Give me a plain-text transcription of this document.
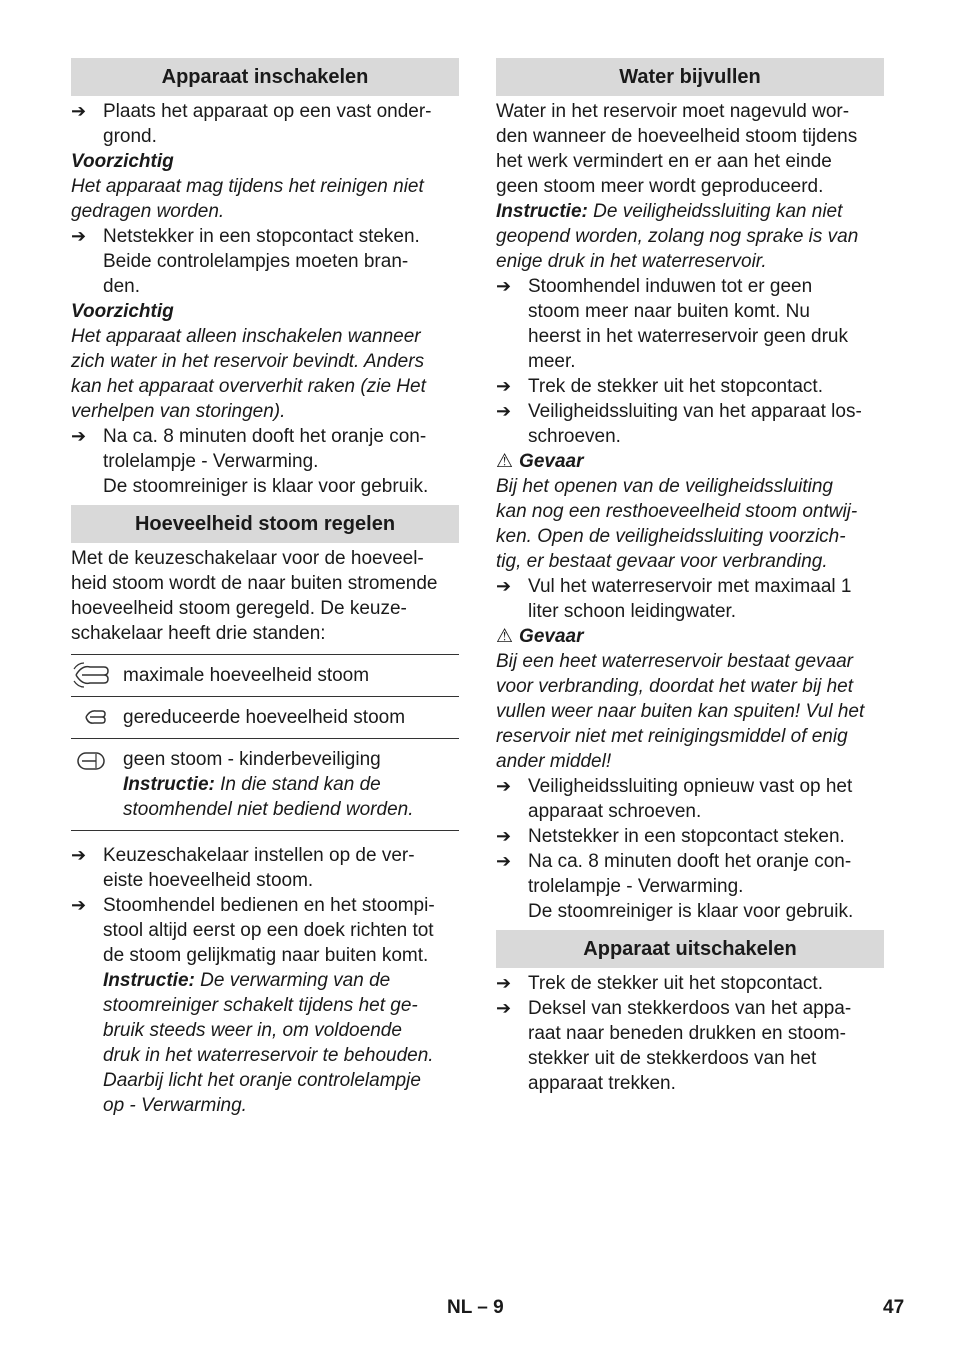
Apparaat inschakelen
➔ Plaats het apparaat op een vast onder-
grond.
Voorzichtig
Het apparaat mag tijdens het reinigen niet
gedragen worden.
➔ Netstekker in een stopcontact steken.
Beide controlelampjes moeten bran-
den.
Voorzichtig
Het apparaat alleen inschakelen wanneer
zich water in het reservoir bevindt. Anders
kan het apparaat oververhit raken (zie Het
verhelpen van storingen).
➔ Na ca. 8 minuten dooft het oranje con-
trolelampje - Verwarming.
De stoomreiniger is klaar voor gebruik.
Hoeveelheid stoom regelen
Met de keuzeschakelaar voor de hoeveel-
heid stoom wordt de naar buiten stromende
hoeveelheid stoom geregeld. De keuze-
schakelaar heeft drie standen:
maximale hoeveelheid stoom
gereduceerde hoeveelheid stoom
geen stoom - kinderbeveiliging
Instructie: In die stand kan de
stoomhendel niet bediend worden.
➔ Keuzeschakelaar instellen op de ver-
eiste hoeveelheid stoom.
➔ Stoomhendel bedienen en het stoompi-
stool altijd eerst op een doek richten tot
de stoom gelijkmatig naar buiten komt.
Instructie: De verwarming van de
stoomreiniger schakelt tijdens het ge-
bruik steeds weer in, om voldoende
druk in het waterreservoir te behouden.
Daarbij licht het oranje controlelampje
op - Verwarming.
Water bijvullen
Water in het reservoir moet nagevuld wor-
den wanneer de hoeveelheid stoom tijdens
het werk vermindert en er aan het einde
geen stoom meer wordt geproduceerd.
Instructie: De veiligheidssluiting kan niet
geopend worden, zolang nog sprake is van
enige druk in het waterreservoir.
➔ Stoomhendel induwen tot er geen
stoom meer naar buiten komt. Nu
heerst in het waterreservoir geen druk
meer.
➔ Trek de stekker uit het stopcontact.
➔ Veiligheidssluiting van het apparaat los-
schroeven.
⚠ Gevaar
Bij het openen van de veiligheidssluiting
kan nog een resthoeveelheid stoom ontwij-
ken. Open de veiligheidssluiting voorzich-
tig, er bestaat gevaar voor verbranding.
➔ Vul het waterreservoir met maximaal 1
liter schoon leidingwater.
⚠ Gevaar
Bij een heet waterreservoir bestaat gevaar
voor verbranding, doordat het water bij het
vullen weer naar buiten kan spuiten! Vul het
reservoir niet met reinigingsmiddel of enig
ander middel!
➔ Veiligheidssluiting opnieuw vast op het
apparaat schroeven.
➔ Netstekker in een stopcontact steken.
➔ Na ca. 8 minuten dooft het oranje con-
trolelampje - Verwarming.
De stoomreiniger is klaar voor gebruik.
Apparaat uitschakelen
➔ Trek de stekker uit het stopcontact.
➔ Deksel van stekkerdoos van het appa-
raat naar beneden drukken en stoom-
stekker uit de stekkerdoos van het
apparaat trekken.
NL – 9	47
